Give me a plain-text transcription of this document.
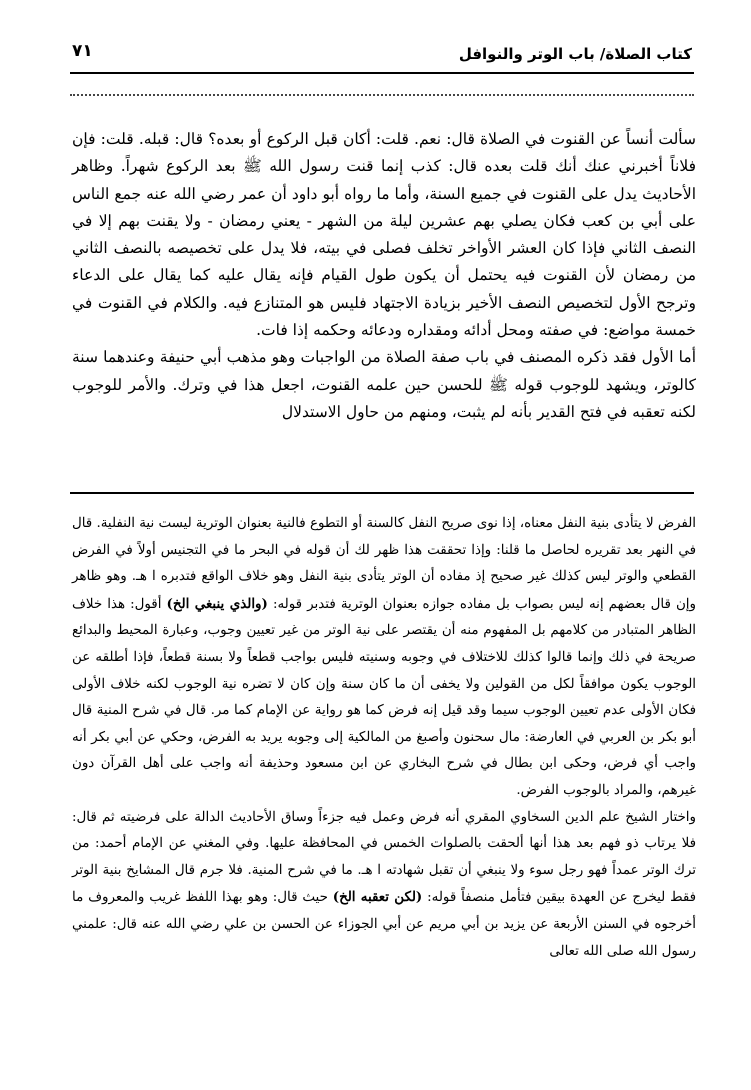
كتاب الصلاة/ باب الوتر والنوافل
٧١

سألت أنساً عن القنوت في الصلاة قال: نعم. قلت: أكان قبل الركوع أو بعده؟ قال: قبله. قلت: فإن فلاناً أخبرني عنك أنك قلت بعده قال: كذب إنما قنت رسول الله ﷺ بعد الركوع شهراً. وظاهر الأحاديث يدل على القنوت في جميع السنة، وأما ما رواه أبو داود أن عمر رضي الله عنه جمع الناس على أبي بن كعب فكان يصلي بهم عشرين ليلة من الشهر - يعني رمضان - ولا يقنت بهم إلا في النصف الثاني فإذا كان العشر الأواخر تخلف فصلى في بيته، فلا يدل على تخصيصه بالنصف الثاني من رمضان لأن القنوت فيه يحتمل أن يكون طول القيام فإنه يقال عليه كما يقال على الدعاء وترجح الأول لتخصيص النصف الأخير بزيادة الاجتهاد فليس هو المتنازع فيه. والكلام في القنوت في خمسة مواضع: في صفته ومحل أدائه ومقداره ودعائه وحكمه إذا فات.

أما الأول فقد ذكره المصنف في باب صفة الصلاة من الواجبات وهو مذهب أبي حنيفة وعندهما سنة كالوتر، ويشهد للوجوب قوله ﷺ للحسن حين علمه القنوت، اجعل هذا في وترك. والأمر للوجوب لكنه تعقبه في فتح القدير بأنه لم يثبت، ومنهم من حاول الاستدلال

الفرض لا يتأدى بنية النفل معناه، إذا نوى صريح النفل كالسنة أو التطوع فالنية بعنوان الوترية ليست نية النفلية. قال في النهر بعد تقريره لحاصل ما قلنا: وإذا تحققت هذا ظهر لك أن قوله في البحر ما في التجنيس أولاً في الفرض القطعي والوتر ليس كذلك غير صحيح إذ مفاده أن الوتر يتأدى بنية النفل وهو خلاف الواقع فتدبره ا هـ. وهو ظاهر وإن قال بعضهم إنه ليس بصواب بل مفاده جوازه بعنوان الوترية فتدبر قوله: (والذي ينبغي الخ) أقول: هذا خلاف الظاهر المتبادر من كلامهم بل المفهوم منه أن يقتصر على نية الوتر من غير تعيين وجوب، وعبارة المحيط والبدائع صريحة في ذلك وإنما قالوا كذلك للاختلاف في وجوبه وسنيته فليس بواجب قطعاً ولا بسنة قطعاً، فإذا أطلقه عن الوجوب يكون موافقاً لكل من القولين ولا يخفى أن ما كان سنة وإن كان لا تضره نية الوجوب لكنه خلاف الأولى فكان الأولى عدم تعيين الوجوب سيما وقد قيل إنه فرض كما هو رواية عن الإمام كما مر. قال في شرح المنية قال أبو بكر بن العربي في العارضة: مال سحنون وأصبغ من المالكية إلى وجوبه يريد به الفرض، وحكي عن أبي بكر أنه واجب أي فرض، وحكى ابن بطال في شرح البخاري عن ابن مسعود وحذيفة أنه واجب على أهل القرآن دون غيرهم، والمراد بالوجوب الفرض.

واختار الشيخ علم الدين السخاوي المقري أنه فرض وعمل فيه جزءاً وساق الأحاديث الدالة على فرضيته ثم قال: فلا يرتاب ذو فهم بعد هذا أنها ألحقت بالصلوات الخمس في المحافظة عليها. وفي المغني عن الإمام أحمد: من ترك الوتر عمداً فهو رجل سوء ولا ينبغي أن تقبل شهادته ا هـ. ما في شرح المنية. فلا جرم قال المشايخ بنية الوتر فقط ليخرج عن العهدة بيقين فتأمل منصفاً قوله: (لكن تعقبه الخ) حيث قال: وهو بهذا اللفظ غريب والمعروف ما أخرجوه في السنن الأربعة عن يزيد بن أبي مريم عن أبي الجوزاء عن الحسن بن علي رضي الله عنه قال: علمني رسول الله صلى الله تعالى
